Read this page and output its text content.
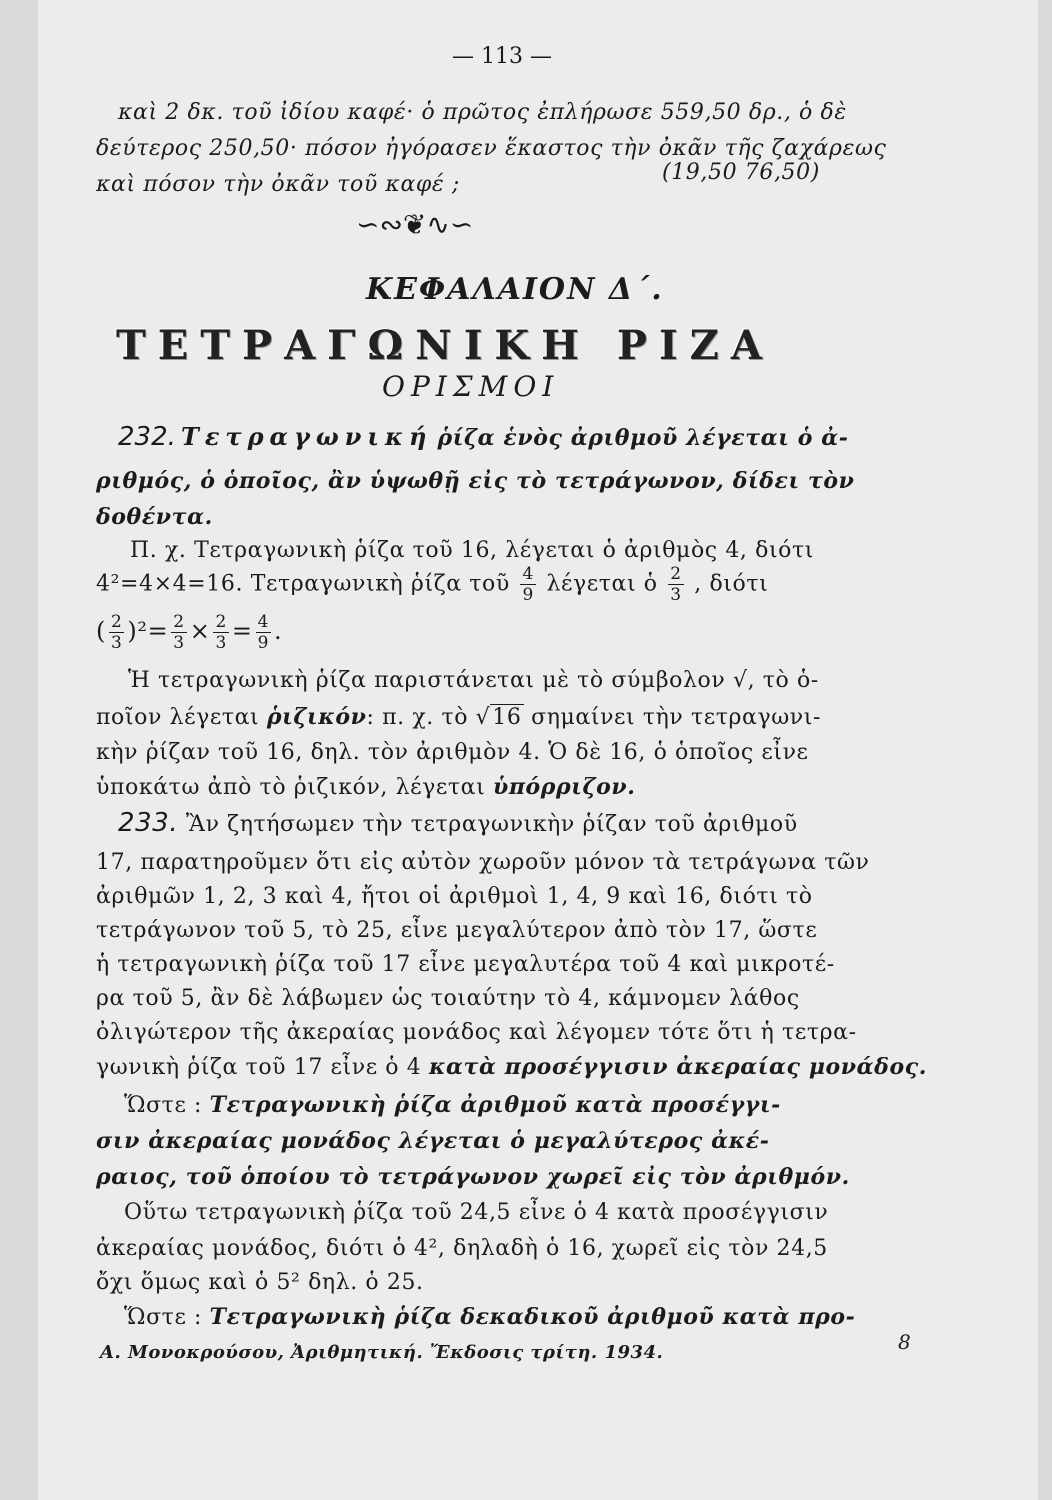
— 113 —
καὶ 2 δκ. τοῦ ἰδίου καφέ· ὁ πρῶτος ἐπλήρωσε 559,50 δρ., ὁ δὲ
δεύτερος 250,50· πόσον ἠγόρασεν ἕκαστος τὴν ὀκᾶν τῆς ζαχάρεως
καὶ πόσον τὴν ὀκᾶν τοῦ καφέ ;	(19,50 76,50)
∽∾❦∿∽
ΚΕΦΑΛΑΙΟΝ Δ΄.
ΤΕΤΡΑΓΩΝΙΚΗ ΡΙΖΑ
ΟΡΙΣΜΟΙ
232. Τετραγωνική ῥίζα ἑνὸς ἀριθμοῦ λέγεται ὁ ἀ-
ριθμός, ὁ ὁποῖος, ἂν ὑψωθῇ εἰς τὸ τετράγωνον, δίδει τὸν
δοθέντα.
Π. χ. Τετραγωνικὴ ῥίζα τοῦ 16, λέγεται ὁ ἀριθμὸς 4, διότι
4²=4×4=16. Τετραγωνικὴ ῥίζα τοῦ $\frac{4}{9}$ λέγεται ὁ $\frac{2}{3}$ , διότι
( $\frac{2}{3} )^2= \frac{2}{3} \times \frac{2}{3} = \frac{4}{9}$ .
Ἡ τετραγωνικὴ ῥίζα παριστάνεται μὲ τὸ σύμβολον √, τὸ ὁ-
ποῖον λέγεται ῥιζικόν: π. χ. τὸ √16 σημαίνει τὴν τετραγωνι-
κὴν ῥίζαν τοῦ 16, δηλ. τὸν ἀριθμὸν 4. Ὁ δὲ 16, ὁ ὁποῖος εἶνε
ὑποκάτω ἀπὸ τὸ ῥιζικόν, λέγεται ὑπόρριζον.
233. Ἂν ζητήσωμεν τὴν τετραγωνικὴν ῥίζαν τοῦ ἀριθμοῦ
17, παρατηροῦμεν ὅτι εἰς αὐτὸν χωροῦν μόνον τὰ τετράγωνα τῶν
ἀριθμῶν 1, 2, 3 καὶ 4, ἤτοι οἱ ἀριθμοὶ 1, 4, 9 καὶ 16, διότι τὸ
τετράγωνον τοῦ 5, τὸ 25, εἶνε μεγαλύτερον ἀπὸ τὸν 17, ὥστε
ἡ τετραγωνικὴ ῥίζα τοῦ 17 εἶνε μεγαλυτέρα τοῦ 4 καὶ μικροτέ-
ρα τοῦ 5, ἂν δὲ λάβωμεν ὡς τοιαύτην τὸ 4, κάμνομεν λάθος
ὀλιγώτερον τῆς ἀκεραίας μονάδος καὶ λέγομεν τότε ὅτι ἡ τετρα-
γωνικὴ ῥίζα τοῦ 17 εἶνε ὁ 4 κατὰ προσέγγισιν ἀκεραίας μονάδος.
Ὥστε : Τετραγωνικὴ ῥίζα ἀριθμοῦ κατὰ προσέγγι-
σιν ἀκεραίας μονάδος λέγεται ὁ μεγαλύτερος ἀκέ-
ραιος, τοῦ ὁποίου τὸ τετράγωνον χωρεῖ εἰς τὸν ἀριθμόν.
Οὕτω τετραγωνικὴ ῥίζα τοῦ 24,5 εἶνε ὁ 4 κατὰ προσέγγισιν
ἀκεραίας μονάδος, διότι ὁ 4², δηλαδὴ ὁ 16, χωρεῖ εἰς τὸν 24,5
ὄχι ὅμως καὶ ὁ 5² δηλ. ὁ 25.
Ὥστε : Τετραγωνικὴ ῥίζα δεκαδικοῦ ἀριθμοῦ κατὰ προ-
Α. Μονοκρούσου, Ἀριθμητική. Ἔκδοσις τρίτη. 1934.	8
